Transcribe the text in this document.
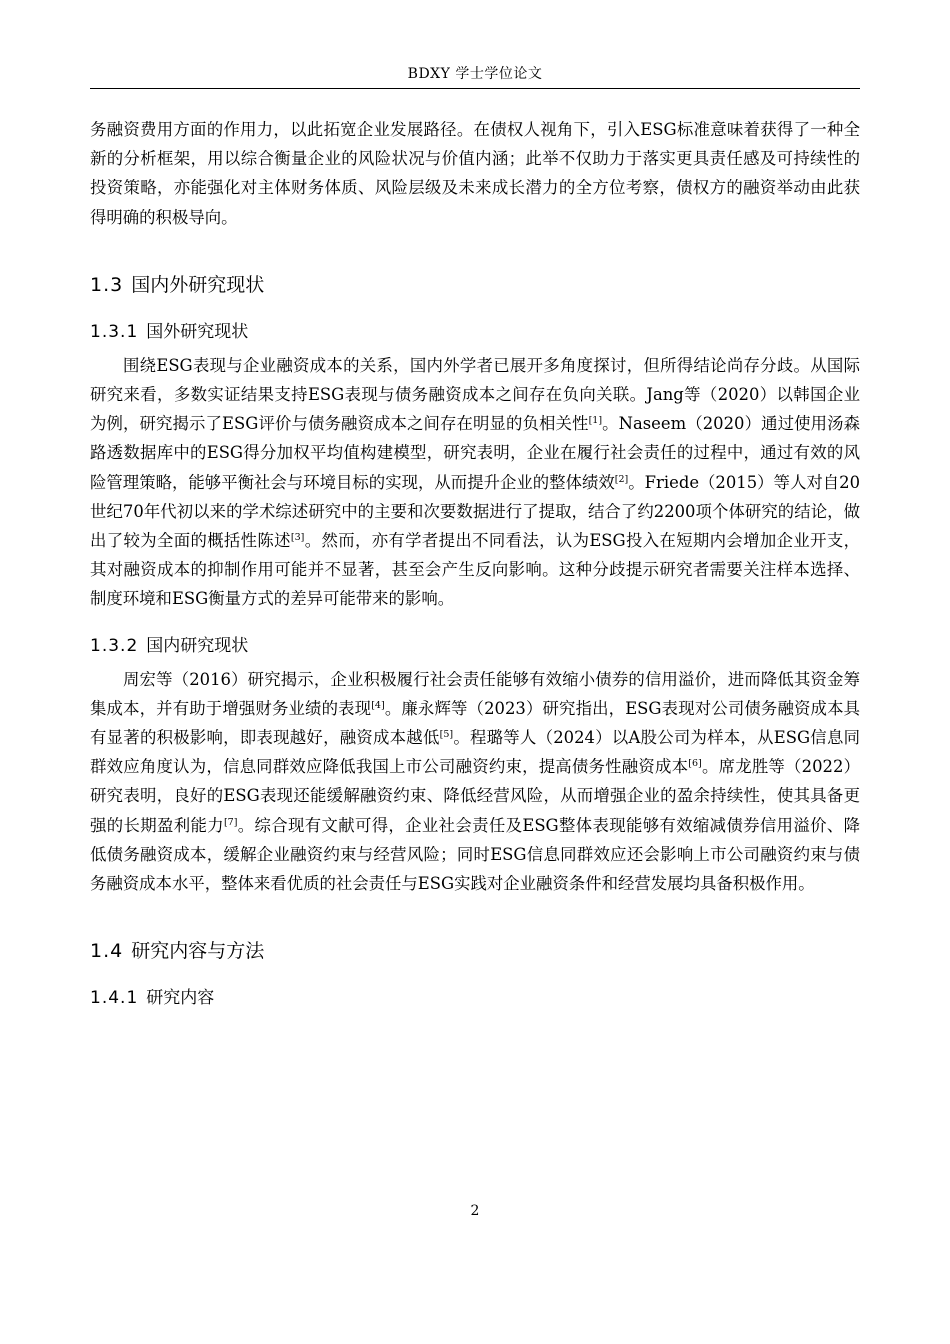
BDXY 学士学位论文

务融资费用方面的作用力，以此拓宽企业发展路径。在债权人视角下，引入ESG标准意味着获得了一种全新的分析框架，用以综合衡量企业的风险状况与价值内涵；此举不仅助力于落实更具责任感及可持续性的投资策略，亦能强化对主体财务体质、风险层级及未来成长潜力的全方位考察，债权方的融资举动由此获得明确的积极导向。

1.3 国内外研究现状
1.3.1 国外研究现状

围绕ESG表现与企业融资成本的关系，国内外学者已展开多角度探讨，但所得结论尚存分歧。从国际研究来看，多数实证结果支持ESG表现与债务融资成本之间存在负向关联。Jang等（2020）以韩国企业为例，研究揭示了ESG评价与债务融资成本之间存在明显的负相关性[1]。Naseem（2020）通过使用汤森路透数据库中的ESG得分加权平均值构建模型，研究表明，企业在履行社会责任的过程中，通过有效的风险管理策略，能够平衡社会与环境目标的实现，从而提升企业的整体绩效[2]。Friede（2015）等人对自20世纪70年代初以来的学术综述研究中的主要和次要数据进行了提取，结合了约2200项个体研究的结论，做出了较为全面的概括性陈述[3]。然而，亦有学者提出不同看法，认为ESG投入在短期内会增加企业开支，其对融资成本的抑制作用可能并不显著，甚至会产生反向影响。这种分歧提示研究者需要关注样本选择、制度环境和ESG衡量方式的差异可能带来的影响。

1.3.2 国内研究现状

周宏等（2016）研究揭示，企业积极履行社会责任能够有效缩小债券的信用溢价，进而降低其资金筹集成本，并有助于增强财务业绩的表现[4]。廉永辉等（2023）研究指出，ESG表现对公司债务融资成本具有显著的积极影响，即表现越好，融资成本越低[5]。程璐等人（2024）以A股公司为样本，从ESG信息同群效应角度认为，信息同群效应降低我国上市公司融资约束，提高债务性融资成本[6]。席龙胜等（2022）研究表明，良好的ESG表现还能缓解融资约束、降低经营风险，从而增强企业的盈余持续性，使其具备更强的长期盈利能力[7]。综合现有文献可得，企业社会责任及ESG整体表现能够有效缩减债券信用溢价、降低债务融资成本，缓解企业融资约束与经营风险；同时ESG信息同群效应还会影响上市公司融资约束与债务融资成本水平，整体来看优质的社会责任与ESG实践对企业融资条件和经营发展均具备积极作用。

1.4 研究内容与方法
1.4.1 研究内容
2
